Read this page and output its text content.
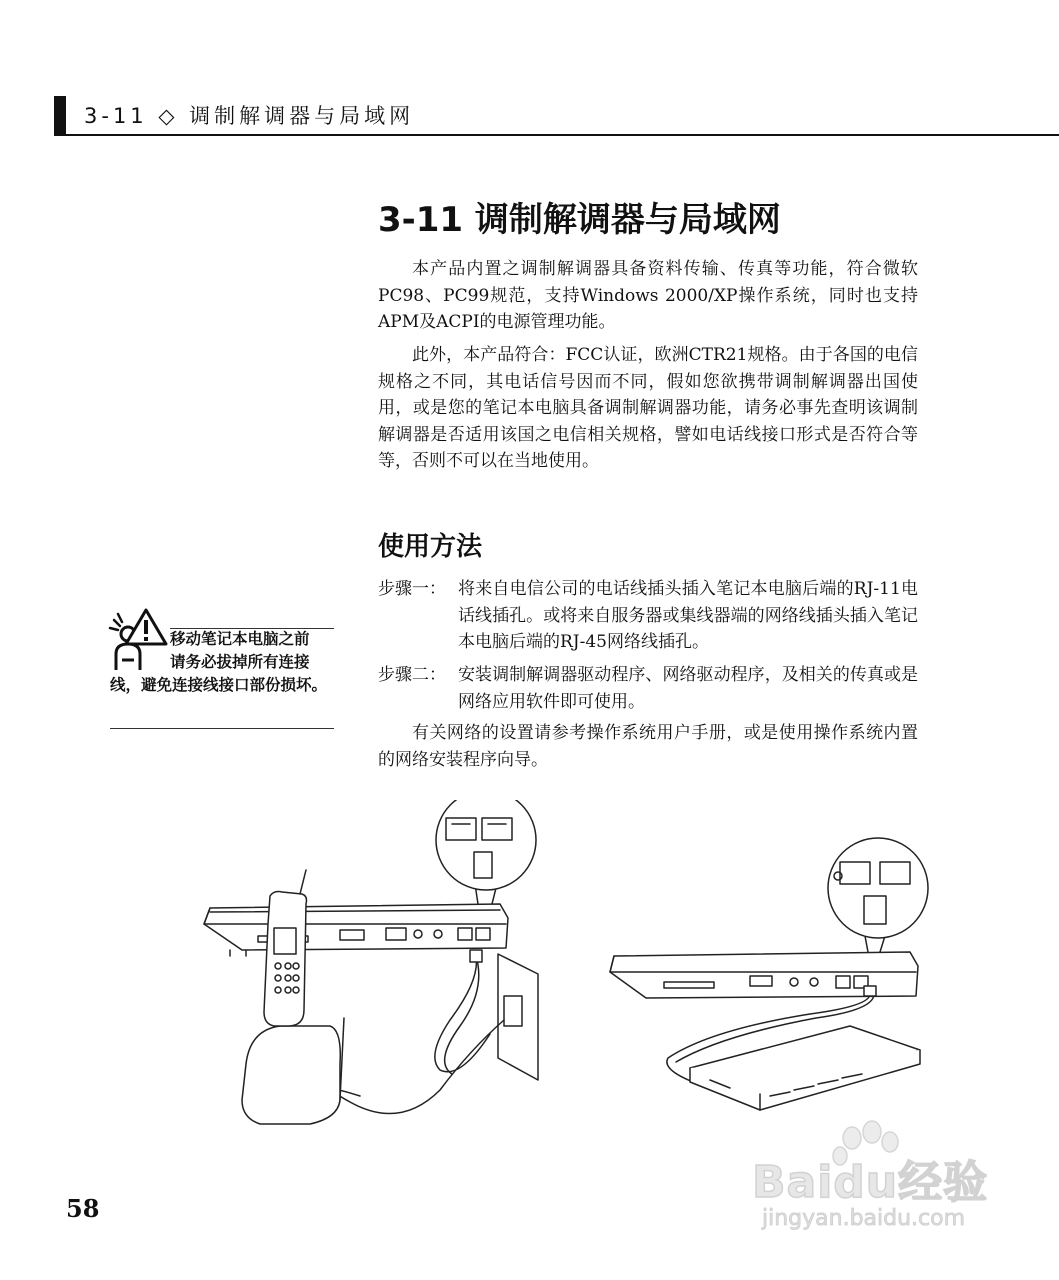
3-11 ◇ 调制解调器与局域网
3-11 调制解调器与局域网

本产品内置之调制解调器具备资料传输、传真等功能，符合微软PC98、PC99规范，支持Windows 2000/XP操作系统，同时也支持APM及ACPI的电源管理功能。

此外，本产品符合：FCC认证，欧洲CTR21规格。由于各国的电信规格之不同，其电话信号因而不同，假如您欲携带调制解调器出国使用，或是您的笔记本电脑具备调制解调器功能，请务必事先查明该调制解调器是否适用该国之电信相关规格，譬如电话线接口形式是否符合等等，否则不可以在当地使用。

使用方法
步骤一： 将来自电信公司的电话线插头插入笔记本电脑后端的RJ-11电话线插孔。或将来自服务器或集线器端的网络线插头插入笔记本电脑后端的RJ-45网络线插孔。
步骤二： 安装调制解调器驱动程序、网络驱动程序，及相关的传真或是网络应用软件即可使用。

有关网络的设置请参考操作系统用户手册，或是使用操作系统内置的网络安装程序向导。

移动笔记本电脑之前
请务必拔掉所有连接
线，避免连接线接口部份损坏。
58
Baidu经验
jingyan.baidu.com
